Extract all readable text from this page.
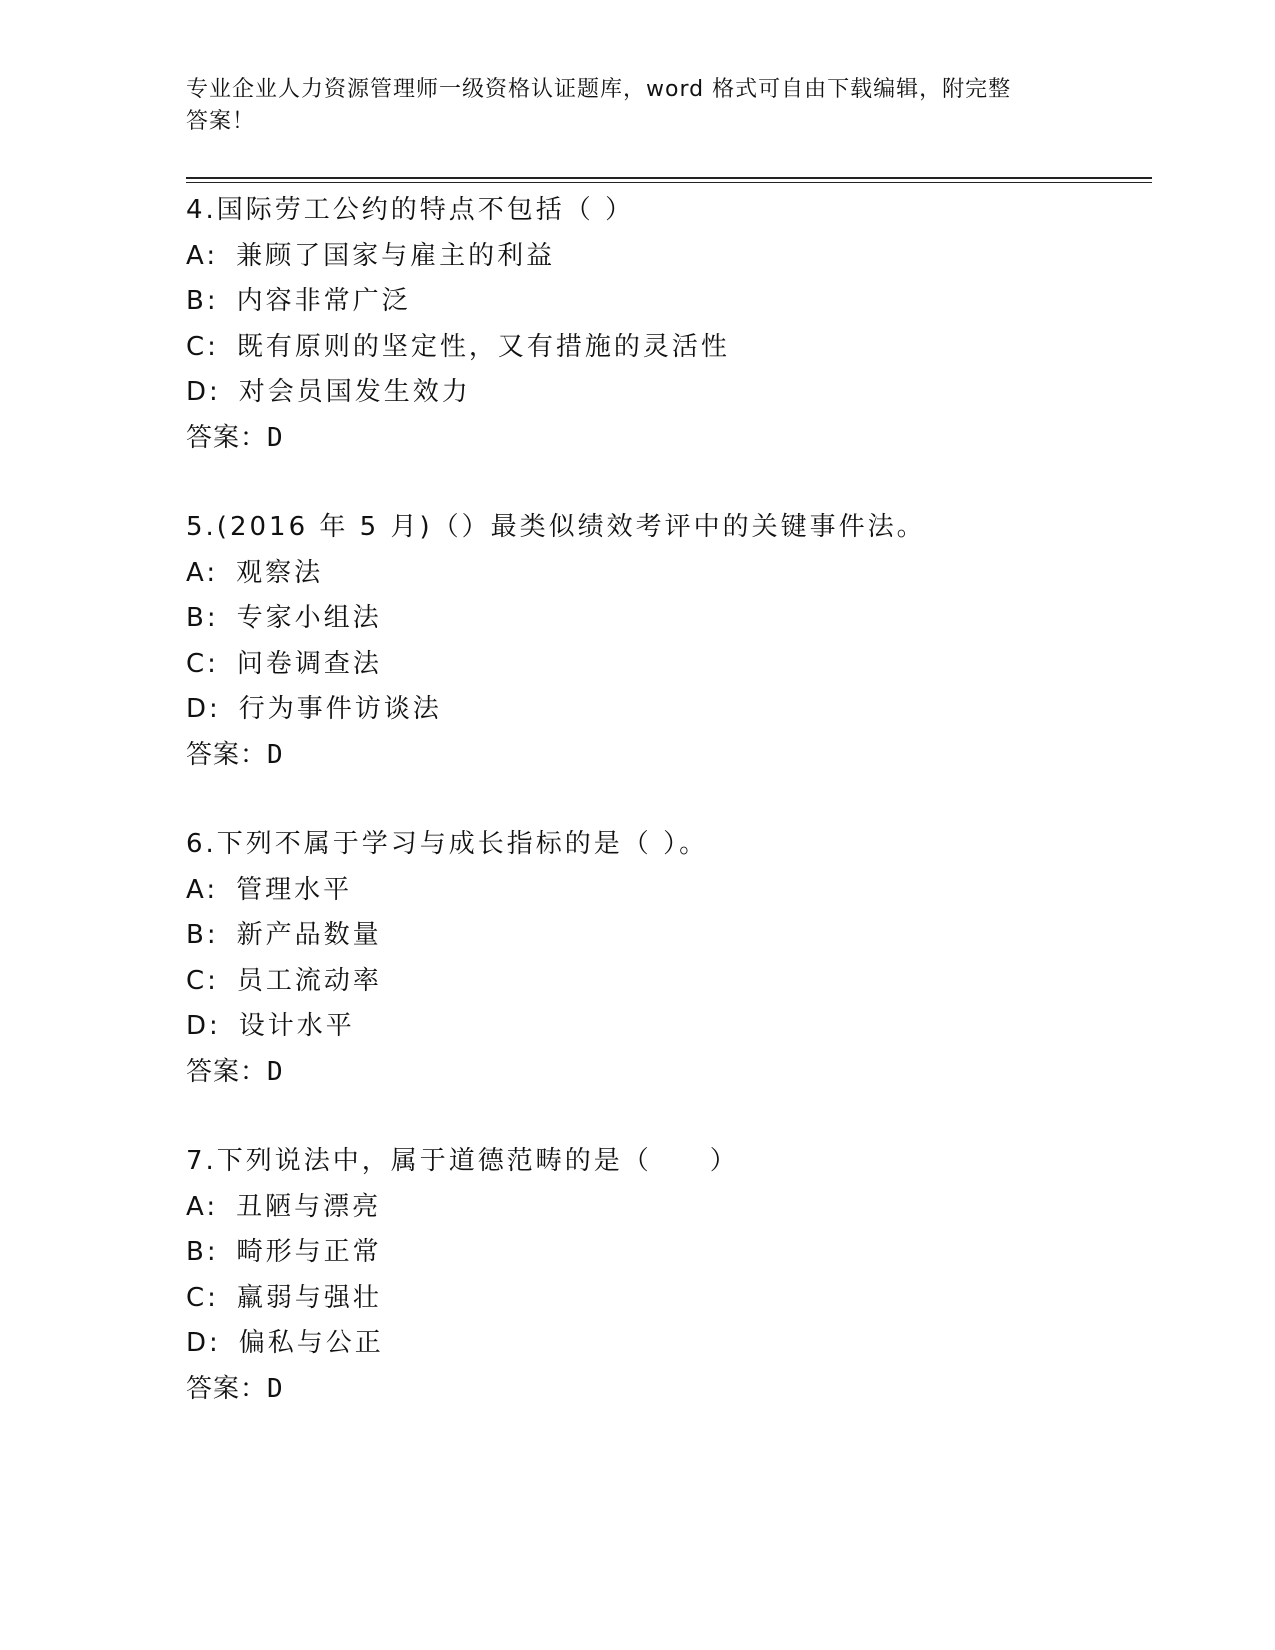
专业企业人力资源管理师一级资格认证题库，word 格式可自由下载编辑，附完整
答案！
4.国际劳工公约的特点不包括（ ）
A: 兼顾了国家与雇主的利益
B: 内容非常广泛
C: 既有原则的坚定性，又有措施的灵活性
D: 对会员国发生效力
答案：D
5.(2016 年 5 月)（）最类似绩效考评中的关键事件法。
A: 观察法
B: 专家小组法
C: 问卷调查法
D: 行为事件访谈法
答案：D
6.下列不属于学习与成长指标的是（ ）。
A: 管理水平
B: 新产品数量
C: 员工流动率
D: 设计水平
答案：D
7.下列说法中，属于道德范畴的是（　　）
A: 丑陋与漂亮
B: 畸形与正常
C: 羸弱与强壮
D: 偏私与公正
答案：D
